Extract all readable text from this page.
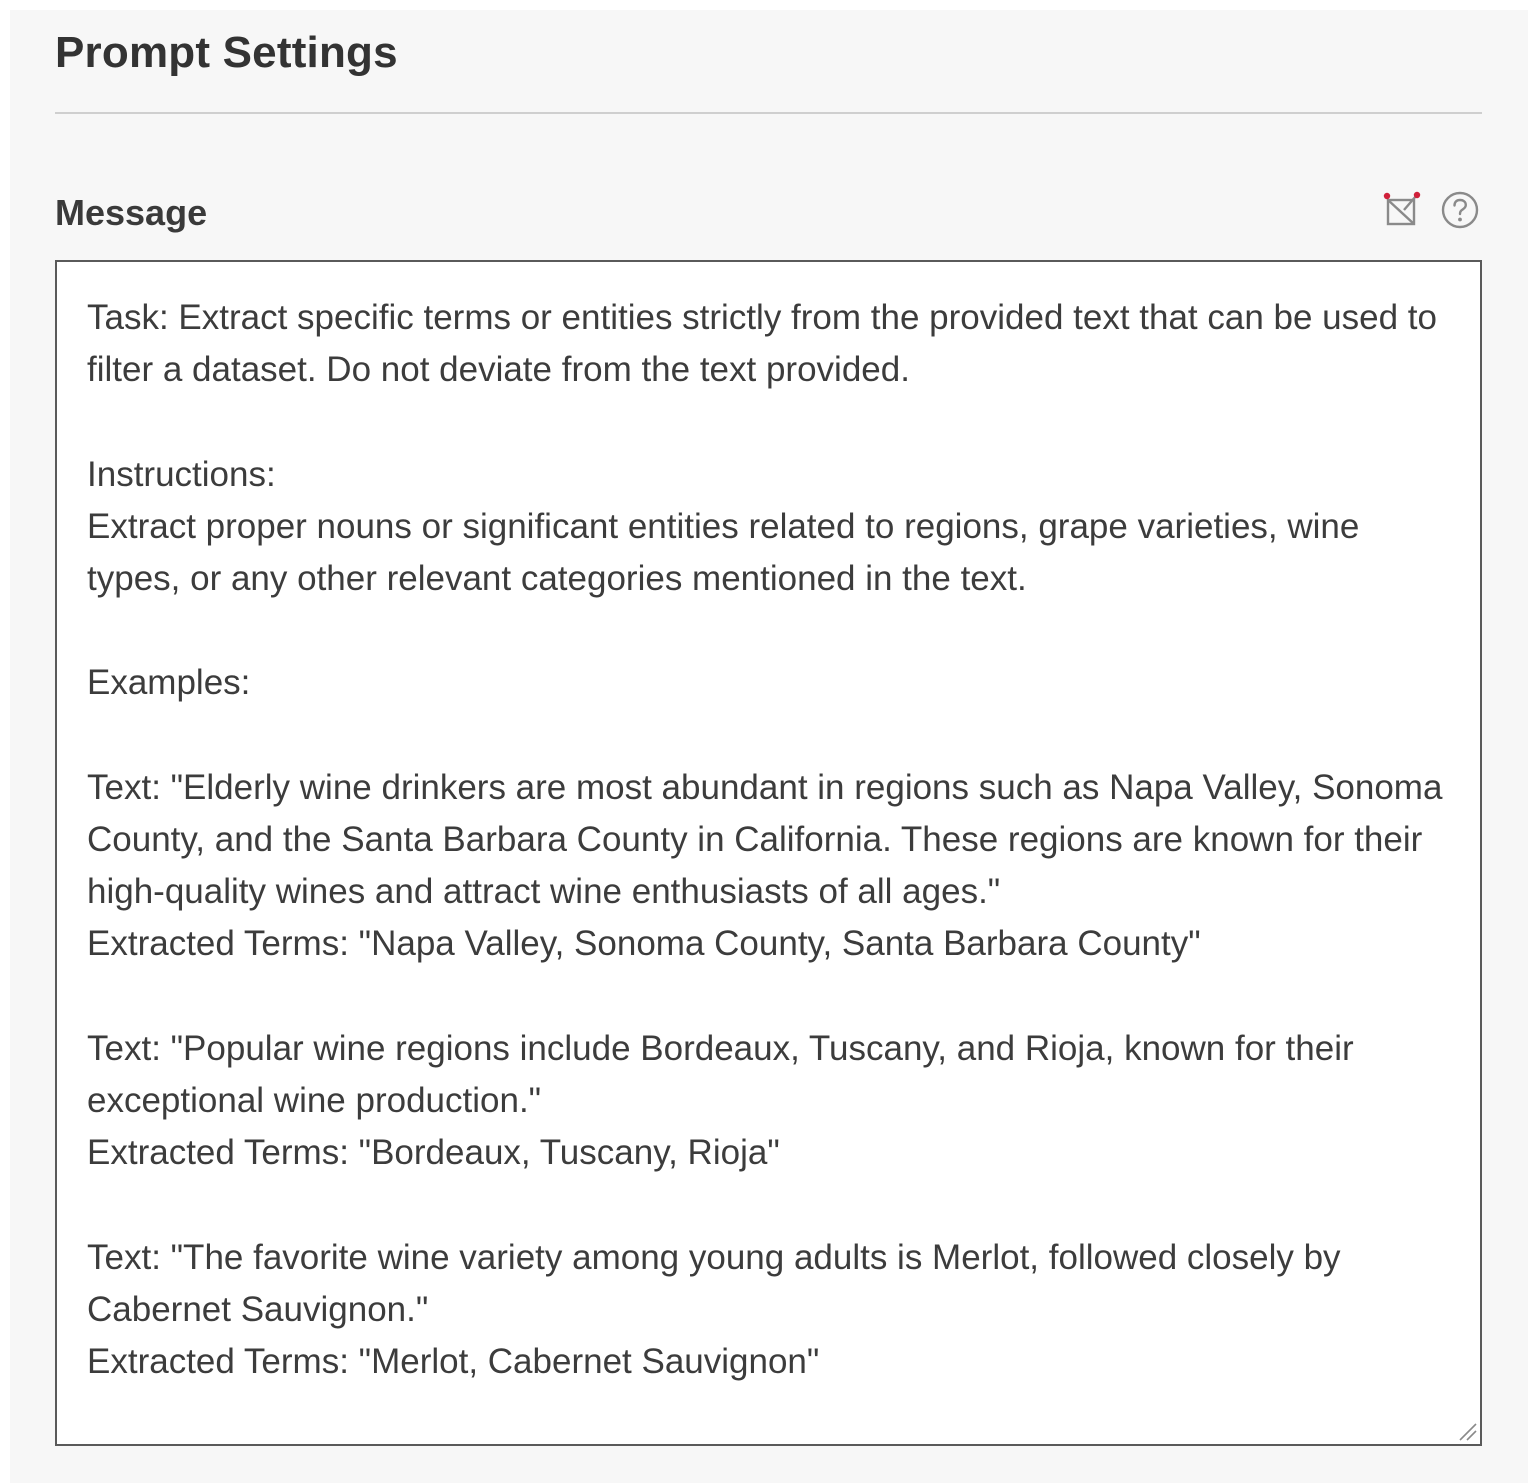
Prompt Settings
Message

Task: Extract specific terms or entities strictly from the provided text that can be used to filter a dataset. Do not deviate from the text provided.

Instructions:
Extract proper nouns or significant entities related to regions, grape varieties, wine types, or any other relevant categories mentioned in the text.

Examples:

Text: "Elderly wine drinkers are most abundant in regions such as Napa Valley, Sonoma County, and the Santa Barbara County in California. These regions are known for their high-quality wines and attract wine enthusiasts of all ages."
Extracted Terms: "Napa Valley, Sonoma County, Santa Barbara County"

Text: "Popular wine regions include Bordeaux, Tuscany, and Rioja, known for their exceptional wine production."
Extracted Terms: "Bordeaux, Tuscany, Rioja"

Text: "The favorite wine variety among young adults is Merlot, followed closely by Cabernet Sauvignon."
Extracted Terms: "Merlot, Cabernet Sauvignon"
